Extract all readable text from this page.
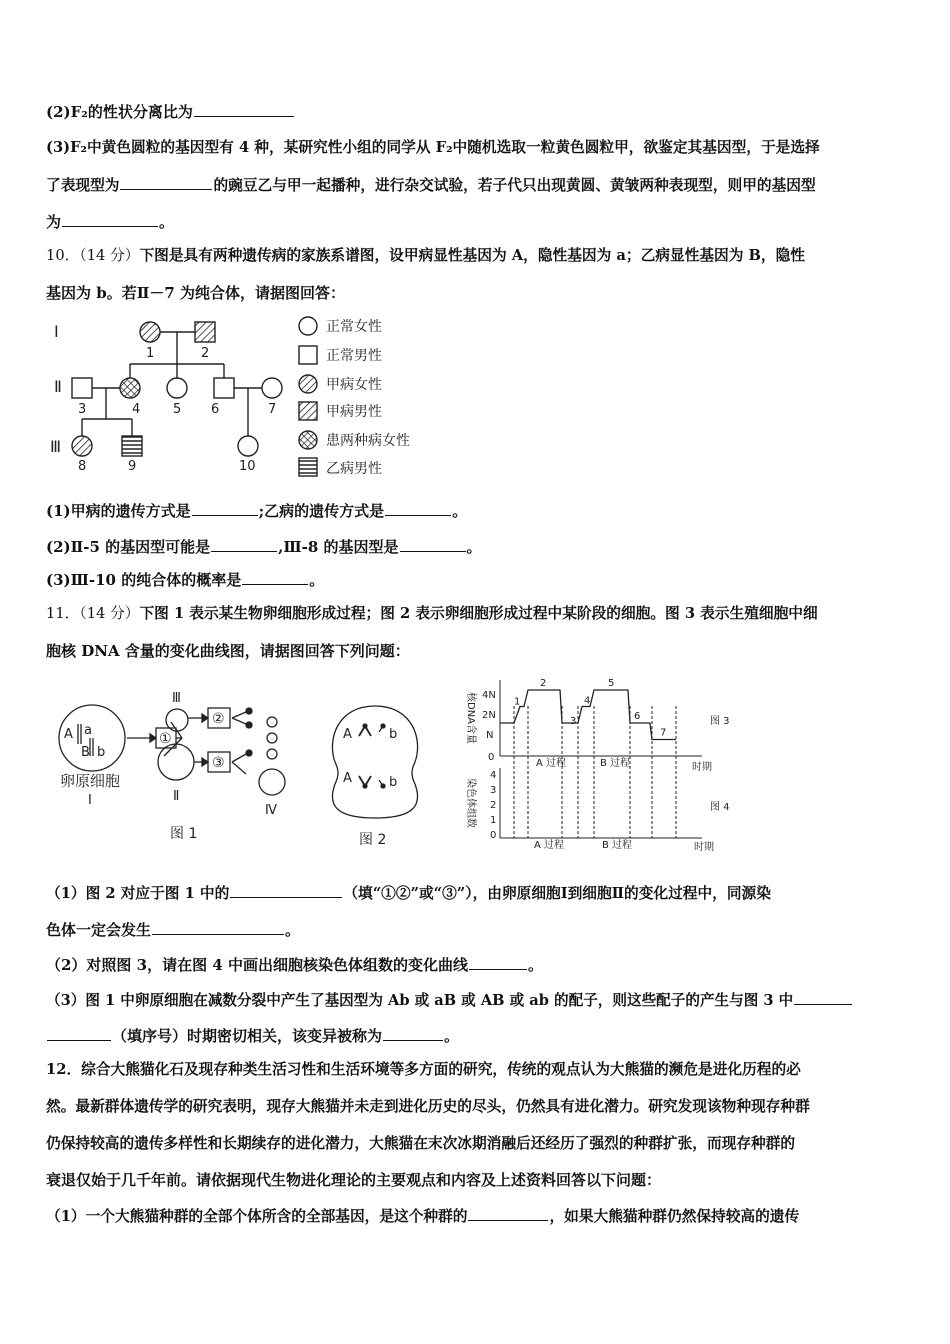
(2)F₂的性状分离比为
(3)F₂中黄色圆粒的基因型有 4 种，某研究性小组的同学从 F₂中随机选取一粒黄色圆粒甲，欲鉴定其基因型，于是选择
了表现型为	的豌豆乙与甲一起播种，进行杂交试验，若子代只出现黄圆、黄皱两种表现型，则甲的基因型
为	。
10．（14 分）下图是具有两种遗传病的家族系谱图，设甲病显性基因为 A，隐性基因为 a；乙病显性基因为 B，隐性
基因为 b。若Ⅱ－7 为纯合体，请据图回答：
Ⅰ
Ⅱ
Ⅲ
1	2
3	4	5 6	7
8	9	10
正常女性
正常男性
甲病女性
甲病男性
患两种病女性
乙病男性
(1)甲病的遗传方式是	;乙病的遗传方式是	。
(2)Ⅱ-5 的基因型可能是	,Ⅲ-8 的基因型是	。
(3)Ⅲ-10 的纯合体的概率是	。
11．（14 分）下图 1 表示某生物卵细胞形成过程；图 2 表示卵细胞形成过程中某阶段的细胞。图 3 表示生殖细胞中细
胞核 DNA 含量的变化曲线图，请据图回答下列问题：
A a
B b
①
Ⅲ
②
Ⅱ
③
Ⅳ
卵原细胞
Ⅰ
图 1
A	b
A	b
图 2
核DNA含量 4N
2N
N
0
1
2
3
4
5
6
7
A 过程	B 过程	时期
图 3
染色体组数
4
3
2
1
0
A 过程	B 过程	时期
图 4
（1）图 2 对应于图 1 中的	（填“①②”或“③”），由卵原细胞Ⅰ到细胞Ⅱ的变化过程中，同源染
色体一定会发生	。
（2）对照图 3，请在图 4 中画出细胞核染色体组数的变化曲线	。
（3）图 1 中卵原细胞在减数分裂中产生了基因型为 Ab 或 aB 或 AB 或 ab 的配子，则这些配子的产生与图 3 中
（填序号）时期密切相关，该变异被称为	。
12．综合大熊猫化石及现存种类生活习性和生活环境等多方面的研究，传统的观点认为大熊猫的濒危是进化历程的必
然。最新群体遗传学的研究表明，现存大熊猫并未走到进化历史的尽头，仍然具有进化潜力。研究发现该物种现存种群
仍保持较高的遗传多样性和长期续存的进化潜力，大熊猫在末次冰期消融后还经历了强烈的种群扩张，而现存种群的
衰退仅始于几千年前。请依据现代生物进化理论的主要观点和内容及上述资料回答以下问题：
（1）一个大熊猫种群的全部个体所含的全部基因，是这个种群的	，如果大熊猫种群仍然保持较高的遗传
